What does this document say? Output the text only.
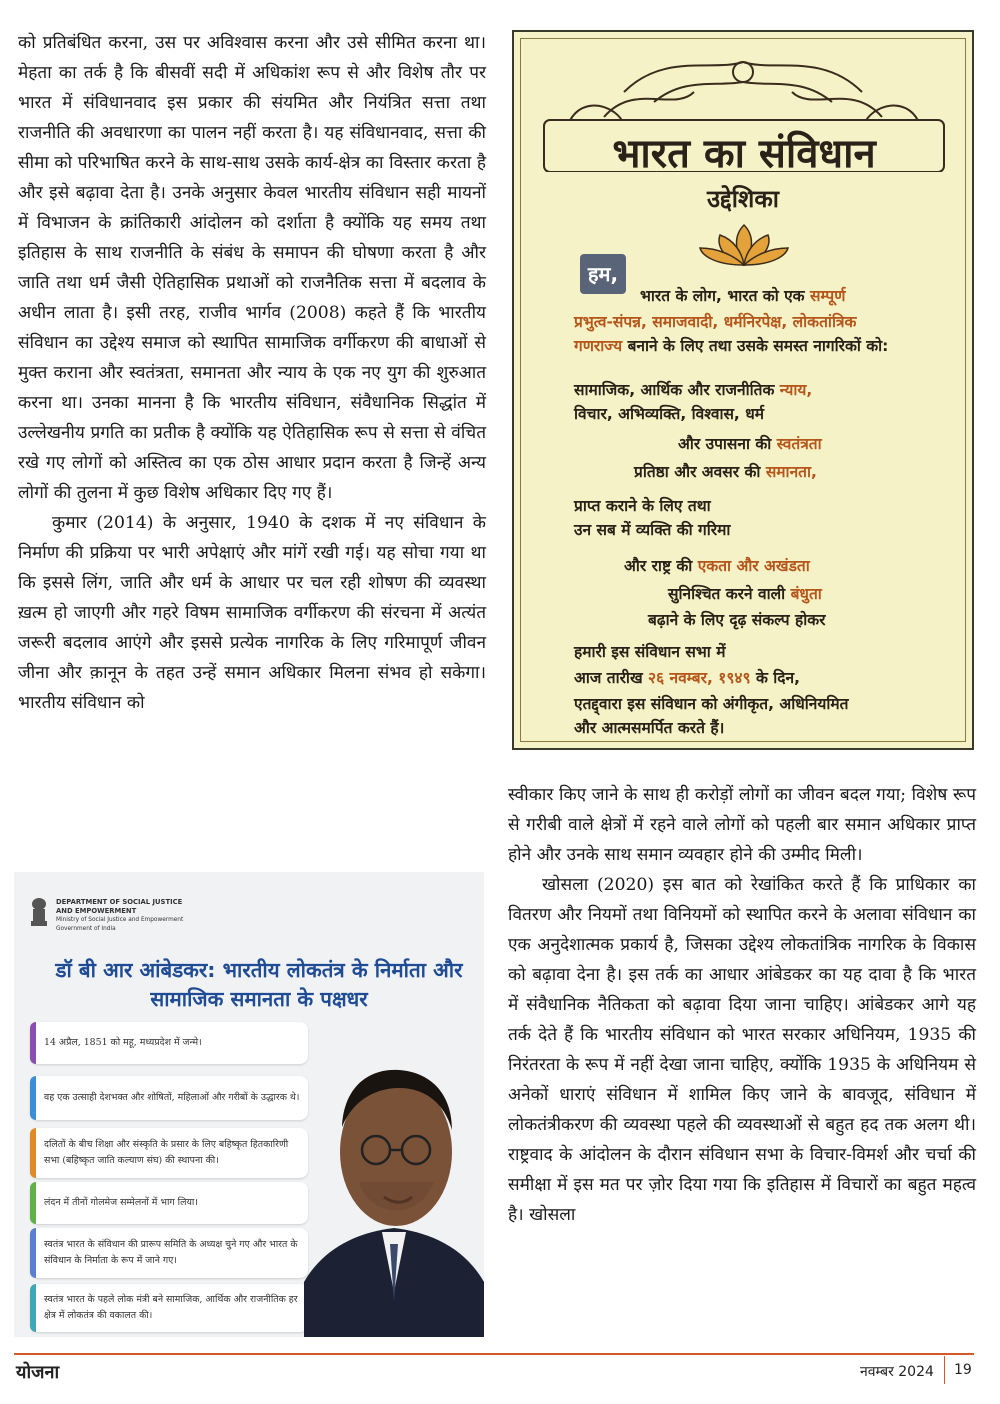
को प्रतिबंधित करना, उस पर अविश्वास करना और उसे सीमित करना था। मेहता का तर्क है कि बीसवीं सदी में अधिकांश रूप से और विशेष तौर पर भारत में संविधानवाद इस प्रकार की संयमित और नियंत्रित सत्ता तथा राजनीति की अवधारणा का पालन नहीं करता है। यह संविधानवाद, सत्ता की सीमा को परिभाषित करने के साथ-साथ उसके कार्य-क्षेत्र का विस्तार करता है और इसे बढ़ावा देता है। उनके अनुसार केवल भारतीय संविधान सही मायनों में विभाजन के क्रांतिकारी आंदोलन को दर्शाता है क्योंकि यह समय तथा इतिहास के साथ राजनीति के संबंध के समापन की घोषणा करता है और जाति तथा धर्म जैसी ऐतिहासिक प्रथाओं को राजनैतिक सत्ता में बदलाव के अधीन लाता है। इसी तरह, राजीव भार्गव (2008) कहते हैं कि भारतीय संविधान का उद्देश्य समाज को स्थापित सामाजिक वर्गीकरण की बाधाओं से मुक्त कराना और स्वतंत्रता, समानता और न्याय के एक नए युग की शुरुआत करना था। उनका मानना है कि भारतीय संविधान, संवैधानिक सिद्धांत में उल्लेखनीय प्रगति का प्रतीक है क्योंकि यह ऐतिहासिक रूप से सत्ता से वंचित रखे गए लोगों को अस्तित्व का एक ठोस आधार प्रदान करता है जिन्हें अन्य लोगों की तुलना में कुछ विशेष अधिकार दिए गए हैं।

कुमार (2014) के अनुसार, 1940 के दशक में नए संविधान के निर्माण की प्रक्रिया पर भारी अपेक्षाएं और मांगें रखी गई। यह सोचा गया था कि इससे लिंग, जाति और धर्म के आधार पर चल रही शोषण की व्यवस्था ख़त्म हो जाएगी और गहरे विषम सामाजिक वर्गीकरण की संरचना में अत्यंत जरूरी बदलाव आएंगे और इससे प्रत्येक नागरिक के लिए गरिमापूर्ण जीवन जीना और क़ानून के तहत उन्हें समान अधिकार मिलना संभव हो सकेगा। भारतीय संविधान को

भारत का संविधान
उद्देशिका
हम,
भारत के लोग, भारत को एक सम्पूर्ण
प्रभुत्व-संपन्न, समाजवादी, धर्मनिरपेक्ष, लोकतांत्रिक
गणराज्य बनाने के लिए तथा उसके समस्त नागरिकों को:
सामाजिक, आर्थिक और राजनीतिक न्याय,
विचार, अभिव्यक्ति, विश्वास, धर्म
और उपासना की स्वतंत्रता
प्रतिष्ठा और अवसर की समानता,
प्राप्त कराने के लिए तथा
उन सब में व्यक्ति की गरिमा
और राष्ट्र की एकता और अखंडता
सुनिश्चित करने वाली बंधुता
बढ़ाने के लिए दृढ़ संकल्प होकर
हमारी इस संविधान सभा में
आज तारीख २६ नवम्बर, १९४९ के दिन,
एतद्द्वारा इस संविधान को अंगीकृत, अधिनियमित
और आत्मसमर्पित करते हैं।
DEPARTMENT OF SOCIAL JUSTICE
AND EMPOWERMENT
Ministry of Social Justice and Empowerment
Government of India
डॉ बी आर आंबेडकर: भारतीय लोकतंत्र के निर्माता और सामाजिक समानता के पक्षधर
14 अप्रैल, 1851 को महू, मध्यप्रदेश में जन्मे।
वह एक उत्साही देशभक्त और शोषितों, महिलाओं और गरीबों के उद्धारक थे।
दलितों के बीच शिक्षा और संस्कृति के प्रसार के लिए बहिष्कृत हितकारिणी सभा (बहिष्कृत जाति कल्याण संघ) की स्थापना की।
लंदन में तीनों गोलमेज सम्मेलनों में भाग लिया।
स्वतंत्र भारत के संविधान की प्रारूप समिति के अध्यक्ष चुने गए और भारत के संविधान के निर्माता के रूप में जाने गए।
स्वतंत्र भारत के पहले लोक मंत्री बने सामाजिक, आर्थिक और राजनीतिक हर क्षेत्र में लोकतंत्र की वकालत की।

स्वीकार किए जाने के साथ ही करोड़ों लोगों का जीवन बदल गया; विशेष रूप से गरीबी वाले क्षेत्रों में रहने वाले लोगों को पहली बार समान अधिकार प्राप्त होने और उनके साथ समान व्यवहार होने की उम्मीद मिली।

खोसला (2020) इस बात को रेखांकित करते हैं कि प्राधिकार का वितरण और नियमों तथा विनियमों को स्थापित करने के अलावा संविधान का एक अनुदेशात्मक प्रकार्य है, जिसका उद्देश्य लोकतांत्रिक नागरिक के विकास को बढ़ावा देना है। इस तर्क का आधार आंबेडकर का यह दावा है कि भारत में संवैधानिक नैतिकता को बढ़ावा दिया जाना चाहिए। आंबेडकर आगे यह तर्क देते हैं कि भारतीय संविधान को भारत सरकार अधिनियम, 1935 की निरंतरता के रूप में नहीं देखा जाना चाहिए, क्योंकि 1935 के अधिनियम से अनेकों धाराएं संविधान में शामिल किए जाने के बावजूद, संविधान में लोकतंत्रीकरण की व्यवस्था पहले की व्यवस्थाओं से बहुत हद तक अलग थी। राष्ट्रवाद के आंदोलन के दौरान संविधान सभा के विचार-विमर्श और चर्चा की समीक्षा में इस मत पर ज़ोर दिया गया कि इतिहास में विचारों का बहुत महत्व है। खोसला

योजना	नवम्बर 2024 19
